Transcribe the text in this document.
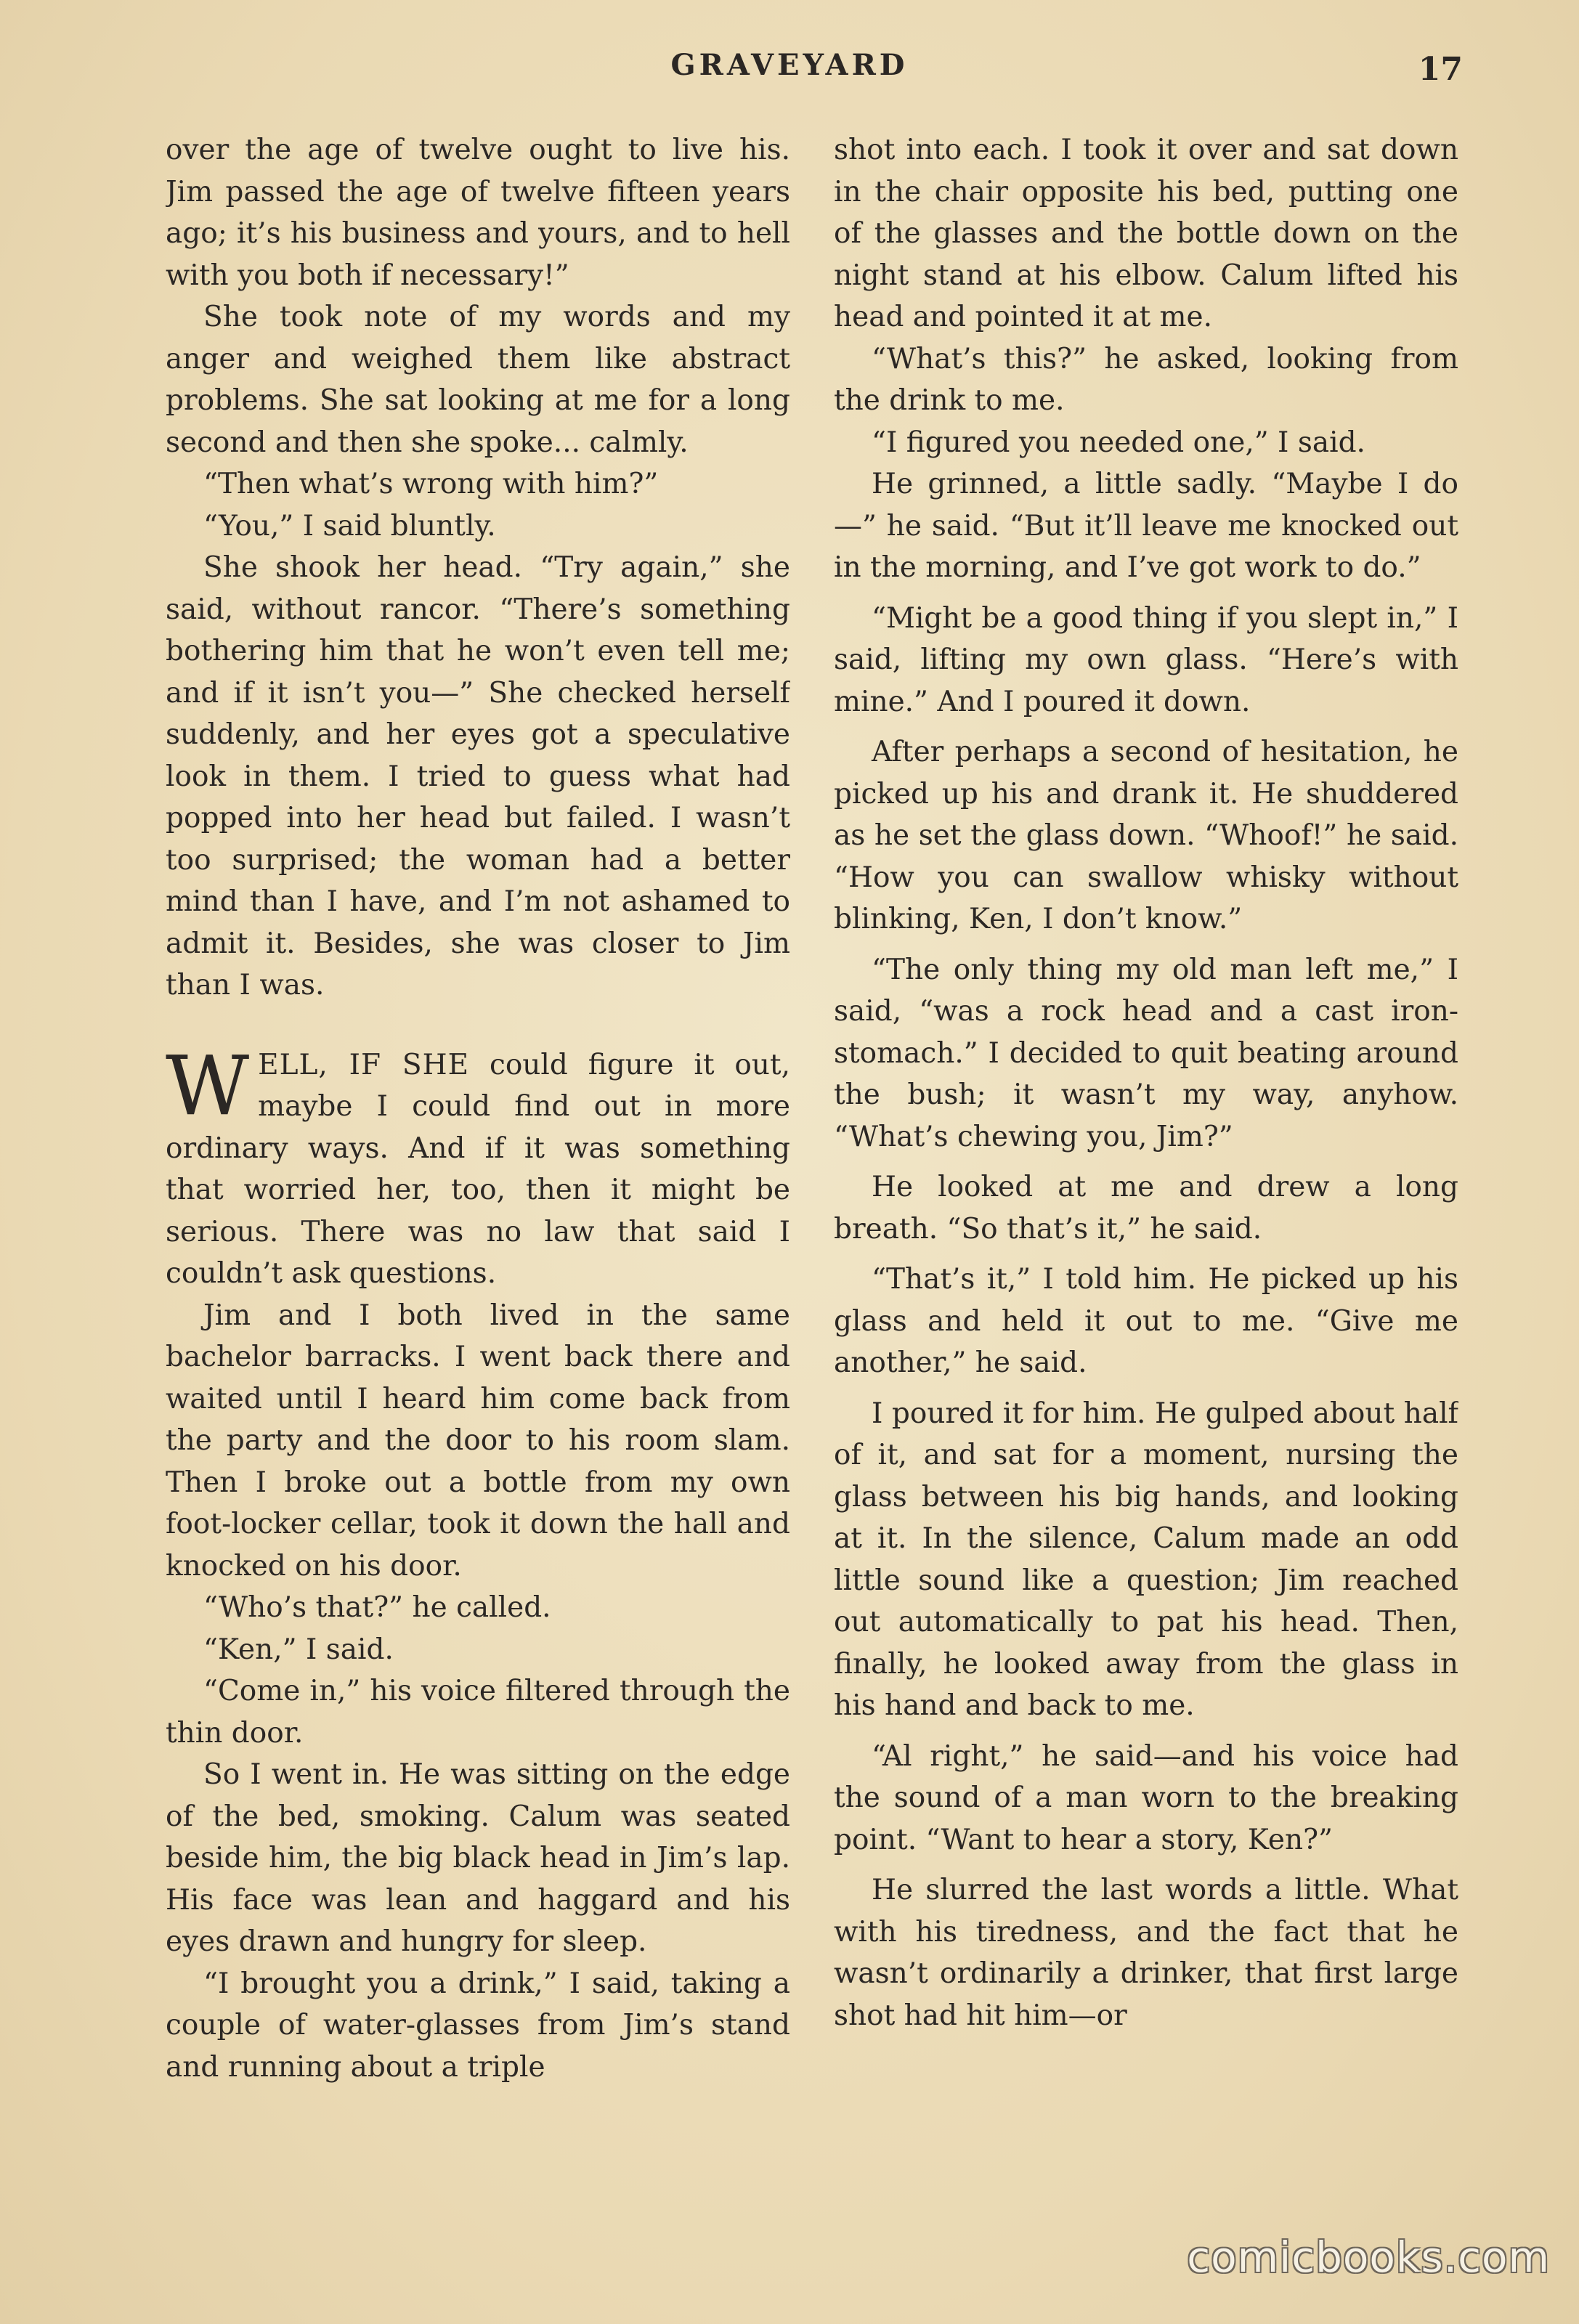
GRAVEYARD	17

over the age of twelve ought to live his. Jim passed the age of twelve fifteen years ago; it’s his business and yours, and to hell with you both if necessary!”

She took note of my words and my anger and weighed them like abstract problems. She sat looking at me for a long second and then she spoke... calmly.

“Then what’s wrong with him?”

“You,” I said bluntly.

She shook her head. “Try again,” she said, without rancor. “There’s something bothering him that he won’t even tell me; and if it isn’t you—” She checked herself suddenly, and her eyes got a speculative look in them. I tried to guess what had popped into her head but failed. I wasn’t too surprised; the woman had a better mind than I have, and I’m not ashamed to admit it. Besides, she was closer to Jim than I was.

WELL, IF SHE could figure it out, maybe I could find out in more ordinary ways. And if it was something that worried her, too, then it might be serious. There was no law that said I couldn’t ask questions.

Jim and I both lived in the same bachelor barracks. I went back there and waited until I heard him come back from the party and the door to his room slam. Then I broke out a bottle from my own foot-locker cellar, took it down the hall and knocked on his door.

“Who’s that?” he called.

“Ken,” I said.

“Come in,” his voice filtered through the thin door.

So I went in. He was sitting on the edge of the bed, smoking. Calum was seated beside him, the big black head in Jim’s lap. His face was lean and haggard and his eyes drawn and hungry for sleep.

“I brought you a drink,” I said, taking a couple of water-glasses from Jim’s stand and running about a triple

shot into each. I took it over and sat down in the chair opposite his bed, putting one of the glasses and the bottle down on the night stand at his elbow. Calum lifted his head and pointed it at me.

“What’s this?” he asked, looking from the drink to me.

“I figured you needed one,” I said.

He grinned, a little sadly. “Maybe I do—” he said. “But it’ll leave me knocked out in the morning, and I’ve got work to do.”

“Might be a good thing if you slept in,” I said, lifting my own glass. “Here’s with mine.” And I poured it down.

After perhaps a second of hesitation, he picked up his and drank it. He shuddered as he set the glass down. “Whoof!” he said. “How you can swallow whisky without blinking, Ken, I don’t know.”

“The only thing my old man left me,” I said, “was a rock head and a cast iron-stomach.” I decided to quit beating around the bush; it wasn’t my way, anyhow. “What’s chewing you, Jim?”

He looked at me and drew a long breath. “So that’s it,” he said.

“That’s it,” I told him. He picked up his glass and held it out to me. “Give me another,” he said.

I poured it for him. He gulped about half of it, and sat for a moment, nursing the glass between his big hands, and looking at it. In the silence, Calum made an odd little sound like a question; Jim reached out automatically to pat his head. Then, finally, he looked away from the glass in his hand and back to me.

“Al right,” he said—and his voice had the sound of a man worn to the breaking point. “Want to hear a story, Ken?”

He slurred the last words a little. What with his tiredness, and the fact that he wasn’t ordinarily a drinker, that first large shot had hit him—or

comicbooks.com
